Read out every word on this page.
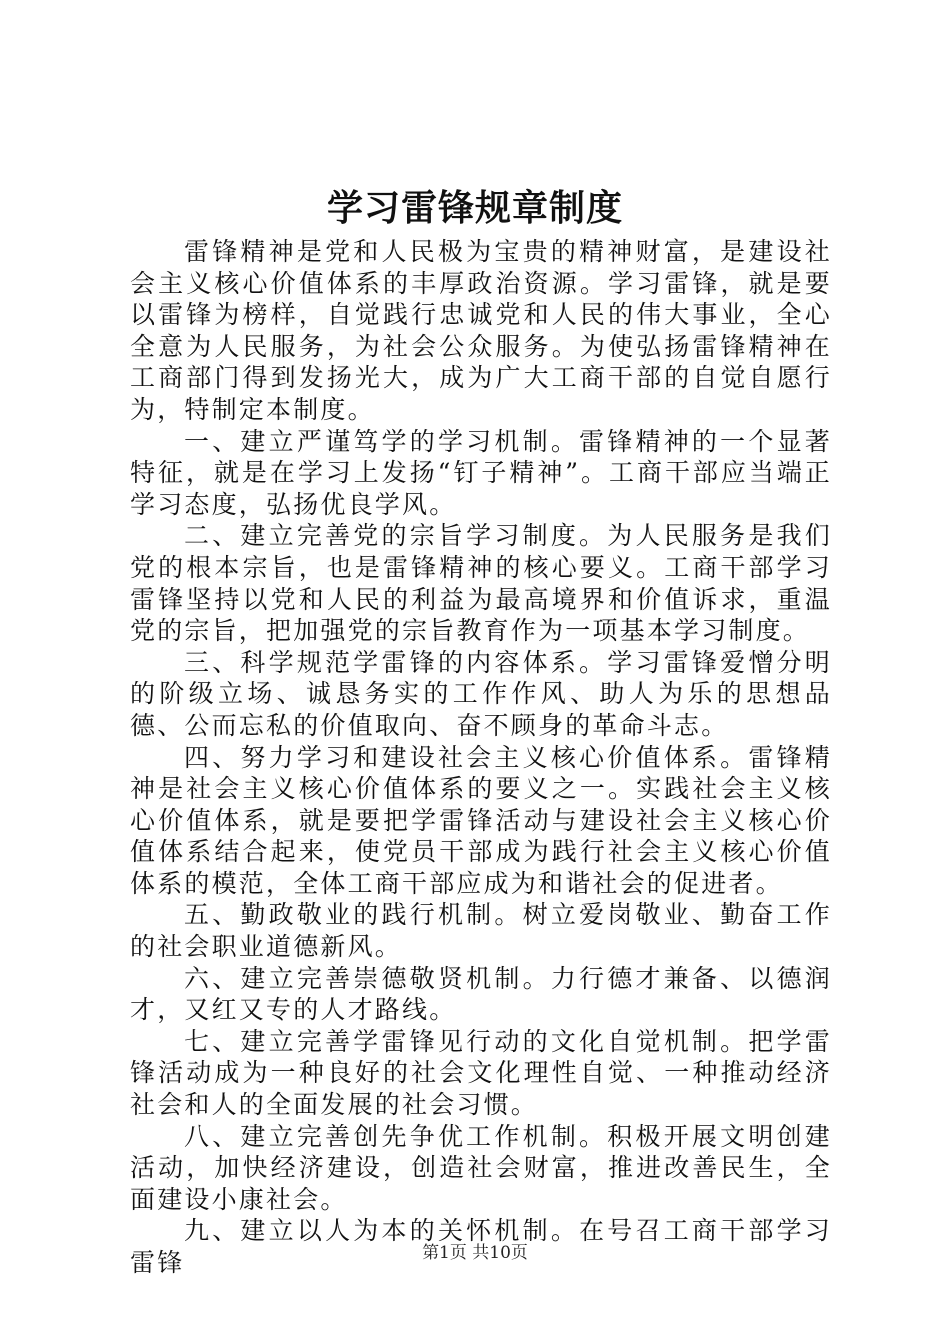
学习雷锋规章制度

雷锋精神是党和人民极为宝贵的精神财富，是建设社会主义核心价值体系的丰厚政治资源。学习雷锋，就是要以雷锋为榜样，自觉践行忠诚党和人民的伟大事业，全心全意为人民服务，为社会公众服务。为使弘扬雷锋精神在工商部门得到发扬光大，成为广大工商干部的自觉自愿行为，特制定本制度。

一、建立严谨笃学的学习机制。雷锋精神的一个显著特征，就是在学习上发扬“钉子精神”。工商干部应当端正学习态度，弘扬优良学风。

二、建立完善党的宗旨学习制度。为人民服务是我们党的根本宗旨，也是雷锋精神的核心要义。工商干部学习雷锋坚持以党和人民的利益为最高境界和价值诉求，重温党的宗旨，把加强党的宗旨教育作为一项基本学习制度。

三、科学规范学雷锋的内容体系。学习雷锋爱憎分明的阶级立场、诚恳务实的工作作风、助人为乐的思想品德、公而忘私的价值取向、奋不顾身的革命斗志。

四、努力学习和建设社会主义核心价值体系。雷锋精神是社会主义核心价值体系的要义之一。实践社会主义核心价值体系，就是要把学雷锋活动与建设社会主义核心价值体系结合起来，使党员干部成为践行社会主义核心价值体系的模范，全体工商干部应成为和谐社会的促进者。

五、勤政敬业的践行机制。树立爱岗敬业、勤奋工作的社会职业道德新风。

六、建立完善崇德敬贤机制。力行德才兼备、以德润才，又红又专的人才路线。

七、建立完善学雷锋见行动的文化自觉机制。把学雷锋活动成为一种良好的社会文化理性自觉、一种推动经济社会和人的全面发展的社会习惯。

八、建立完善创先争优工作机制。积极开展文明创建活动，加快经济建设，创造社会财富，推进改善民生，全面建设小康社会。

九、建立以人为本的关怀机制。在号召工商干部学习雷锋	第1页 共10页
